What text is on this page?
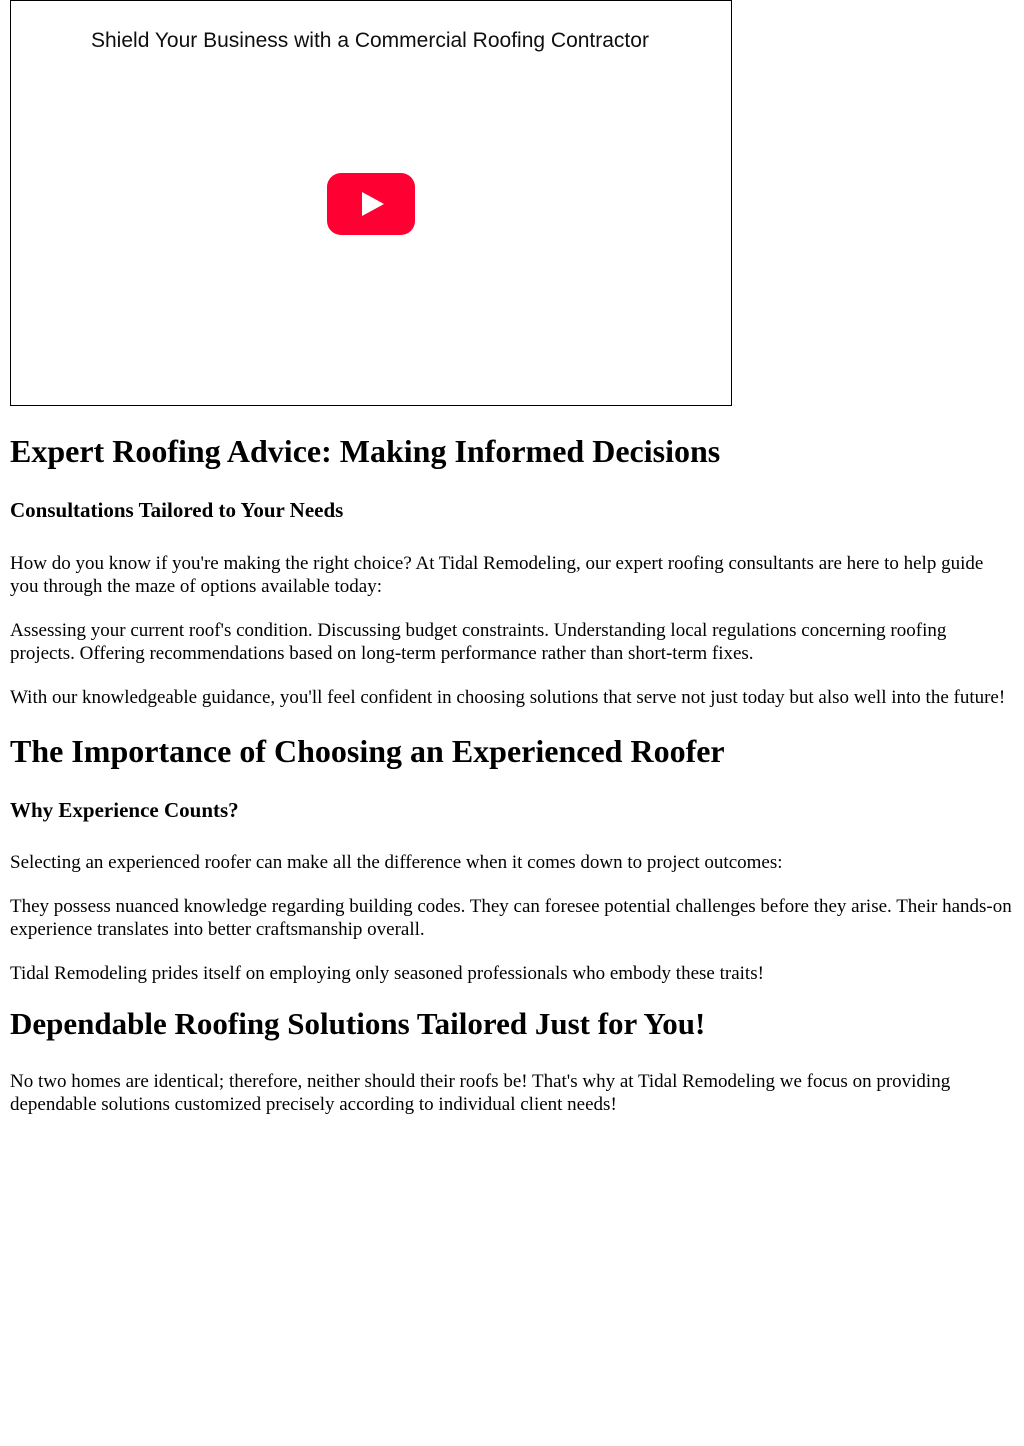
Shield Your Business with a Commercial Roofing Contractor
Expert Roofing Advice: Making Informed Decisions
Consultations Tailored to Your Needs

How do you know if you're making the right choice? At Tidal Remodeling, our expert roofing consultants are here to help guide you through the maze of options available today:

Assessing your current roof's condition. Discussing budget constraints. Understanding local regulations concerning roofing projects. Offering recommendations based on long-term performance rather than short-term fixes.

With our knowledgeable guidance, you'll feel confident in choosing solutions that serve not just today but also well into the future!

The Importance of Choosing an Experienced Roofer
Why Experience Counts?

Selecting an experienced roofer can make all the difference when it comes down to project outcomes:

They possess nuanced knowledge regarding building codes. They can foresee potential challenges before they arise. Their hands-on experience translates into better craftsmanship overall.

Tidal Remodeling prides itself on employing only seasoned professionals who embody these traits!

Dependable Roofing Solutions Tailored Just for You!

No two homes are identical; therefore, neither should their roofs be! That's why at Tidal Remodeling we focus on providing dependable solutions customized precisely according to individual client needs!
